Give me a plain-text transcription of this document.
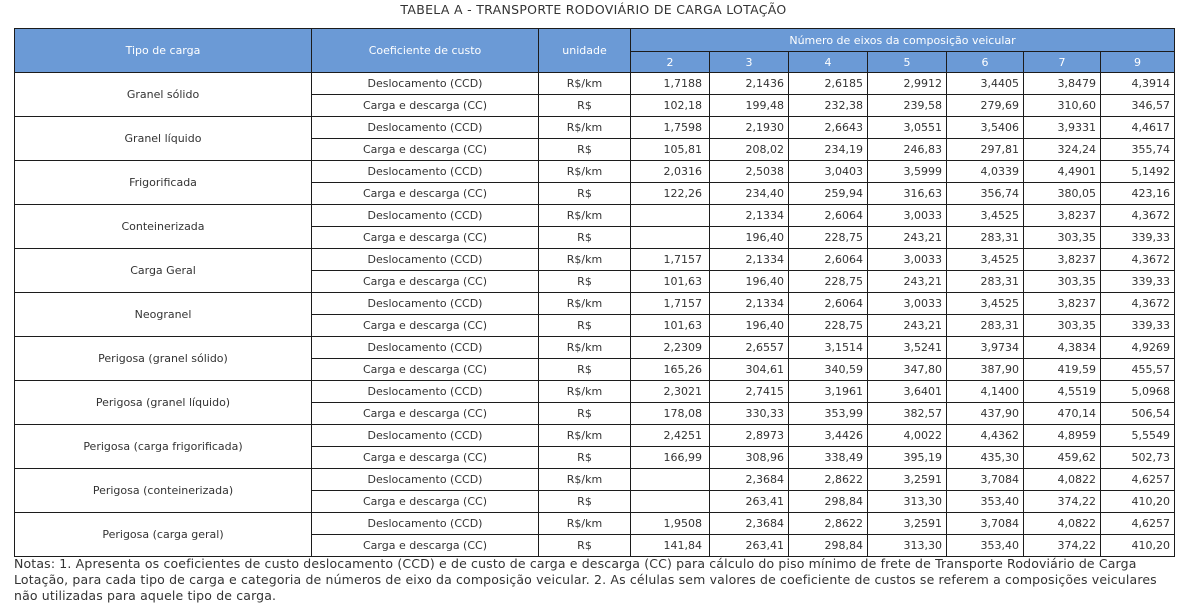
TABELA A - TRANSPORTE RODOVIÁRIO DE CARGA LOTAÇÃO
Tipo de carga	Coeficiente de custo	unidade	Número de eixos da composição veicular						
			2	3	4	5	6	7	9
Granel sólido	Deslocamento (CCD)	R$/km	1,7188	2,1436	2,6185	2,9912	3,4405	3,8479	4,3914
	Carga e descarga (CC)	R$	102,18	199,48	232,38	239,58	279,69	310,60	346,57
Granel líquido	Deslocamento (CCD)	R$/km	1,7598	2,1930	2,6643	3,0551	3,5406	3,9331	4,4617
	Carga e descarga (CC)	R$	105,81	208,02	234,19	246,83	297,81	324,24	355,74
Frigorificada	Deslocamento (CCD)	R$/km	2,0316	2,5038	3,0403	3,5999	4,0339	4,4901	5,1492
	Carga e descarga (CC)	R$	122,26	234,40	259,94	316,63	356,74	380,05	423,16
Conteinerizada	Deslocamento (CCD)	R$/km		2,1334	2,6064	3,0033	3,4525	3,8237	4,3672
	Carga e descarga (CC)	R$		196,40	228,75	243,21	283,31	303,35	339,33
Carga Geral	Deslocamento (CCD)	R$/km	1,7157	2,1334	2,6064	3,0033	3,4525	3,8237	4,3672
	Carga e descarga (CC)	R$	101,63	196,40	228,75	243,21	283,31	303,35	339,33
Neogranel	Deslocamento (CCD)	R$/km	1,7157	2,1334	2,6064	3,0033	3,4525	3,8237	4,3672
	Carga e descarga (CC)	R$	101,63	196,40	228,75	243,21	283,31	303,35	339,33
Perigosa (granel sólido)	Deslocamento (CCD)	R$/km	2,2309	2,6557	3,1514	3,5241	3,9734	4,3834	4,9269
	Carga e descarga (CC)	R$	165,26	304,61	340,59	347,80	387,90	419,59	455,57
Perigosa (granel líquido)	Deslocamento (CCD)	R$/km	2,3021	2,7415	3,1961	3,6401	4,1400	4,5519	5,0968
	Carga e descarga (CC)	R$	178,08	330,33	353,99	382,57	437,90	470,14	506,54
Perigosa (carga frigorificada)	Deslocamento (CCD)	R$/km	2,4251	2,8973	3,4426	4,0022	4,4362	4,8959	5,5549
	Carga e descarga (CC)	R$	166,99	308,96	338,49	395,19	435,30	459,62	502,73
Perigosa (conteinerizada)	Deslocamento (CCD)	R$/km		2,3684	2,8622	3,2591	3,7084	4,0822	4,6257
	Carga e descarga (CC)	R$		263,41	298,84	313,30	353,40	374,22	410,20
Perigosa (carga geral)	Deslocamento (CCD)	R$/km	1,9508	2,3684	2,8622	3,2591	3,7084	4,0822	4,6257
	Carga e descarga (CC)	R$	141,84	263,41	298,84	313,30	353,40	374,22	410,20
Notas: 1. Apresenta os coeficientes de custo deslocamento (CCD) e de custo de carga e descarga (CC) para cálculo do piso mínimo de frete de Transporte Rodoviário de Carga Lotação, para cada tipo de carga e categoria de números de eixo da composição veicular. 2. As células sem valores de coeficiente de custos se referem a composições veiculares não utilizadas para aquele tipo de carga.
